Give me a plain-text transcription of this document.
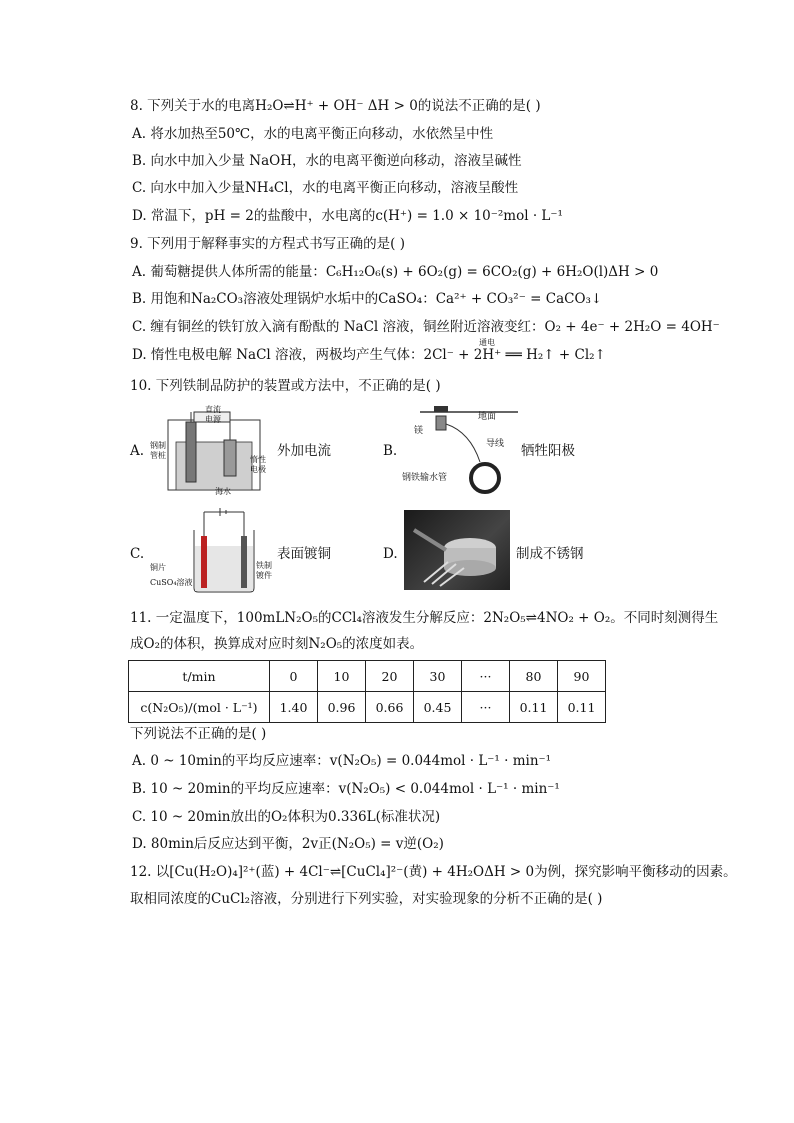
8. 下列关于水的电离H₂O⇌H⁺ + OH⁻ ΔH > 0的说法不正确的是( )
A. 将水加热至50℃，水的电离平衡正向移动，水依然呈中性
B. 向水中加入少量 NaOH，水的电离平衡逆向移动，溶液呈碱性
C. 向水中加入少量NH₄Cl，水的电离平衡正向移动，溶液呈酸性
D. 常温下，pH = 2的盐酸中，水电离的c(H⁺) = 1.0 × 10⁻²mol · L⁻¹
9. 下列用于解释事实的方程式书写正确的是( )
A. 葡萄糖提供人体所需的能量：C₆H₁₂O₆(s) + 6O₂(g) = 6CO₂(g) + 6H₂O(l)ΔH > 0
B. 用饱和Na₂CO₃溶液处理锅炉水垢中的CaSO₄：Ca²⁺ + CO₃²⁻ = CaCO₃↓
C. 缠有铜丝的铁钉放入滴有酚酞的 NaCl 溶液，铜丝附近溶液变红：O₂ + 4e⁻ + 2H₂O = 4OH⁻
D. 惰性电极电解 NaCl 溶液，两极均产生气体：2Cl⁻ + 2H⁺ ══ H₂↑ + Cl₂↑
通电
10. 下列铁制品防护的装置或方法中，不正确的是( )
A.
直流
电源
钢制
管桩	惰性
电极
海水
外加电流	B.
地面
镁
导线
钢铁输水管
牺牲阳极
C.
铜片
CuSO₄溶液
铁制
镀件
表面镀铜	D.	制成不锈钢
11. 一定温度下，100mLN₂O₅的CCl₄溶液发生分解反应：2N₂O₅⇌4NO₂ + O₂。不同时刻测得生
成O₂的体积，换算成对应时刻N₂O₅的浓度如表。
t/min	0	10	20	30	···	80	90
c(N₂O₅)/(mol · L⁻¹)	1.40	0.96	0.66	0.45	···	0.11	0.11
下列说法不正确的是( )
A. 0 ~ 10min的平均反应速率：v(N₂O₅) = 0.044mol · L⁻¹ · min⁻¹
B. 10 ~ 20min的平均反应速率：v(N₂O₅) < 0.044mol · L⁻¹ · min⁻¹
C. 10 ~ 20min放出的O₂体积为0.336L(标准状况)
D. 80min后反应达到平衡，2v正(N₂O₅) = v逆(O₂)
12. 以[Cu(H₂O)₄]²⁺(蓝) + 4Cl⁻⇌[CuCl₄]²⁻(黄) + 4H₂OΔH > 0为例，探究影响平衡移动的因素。
取相同浓度的CuCl₂溶液，分别进行下列实验，对实验现象的分析不正确的是( )
